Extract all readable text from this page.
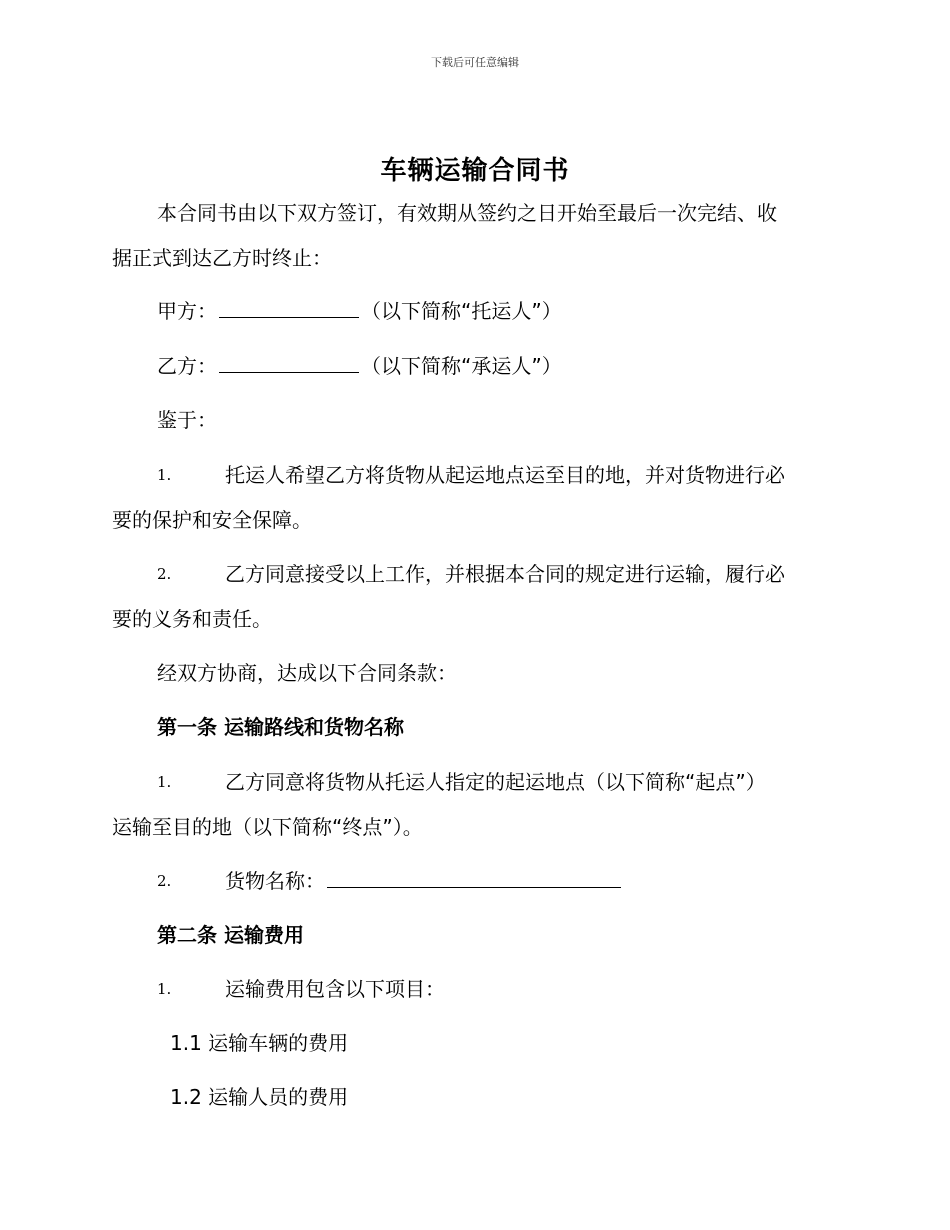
下载后可任意编辑
车辆运输合同书
本合同书由以下双方签订，有效期从签约之日开始至最后一次完结、收
据正式到达乙方时终止：
甲方：	（以下简称“托运人”）
乙方：	（以下简称“承运人”）
鉴于：
1.	托运人希望乙方将货物从起运地点运至目的地，并对货物进行必
要的保护和安全保障。
2.	乙方同意接受以上工作，并根据本合同的规定进行运输，履行必
要的义务和责任。
经双方协商，达成以下合同条款：
第一条 运输路线和货物名称
1.	乙方同意将货物从托运人指定的起运地点（以下简称“起点”）
运输至目的地（以下简称“终点”）。
2.	货物名称：
第二条 运输费用
1.	运输费用包含以下项目：
1.1 运输车辆的费用
1.2 运输人员的费用
